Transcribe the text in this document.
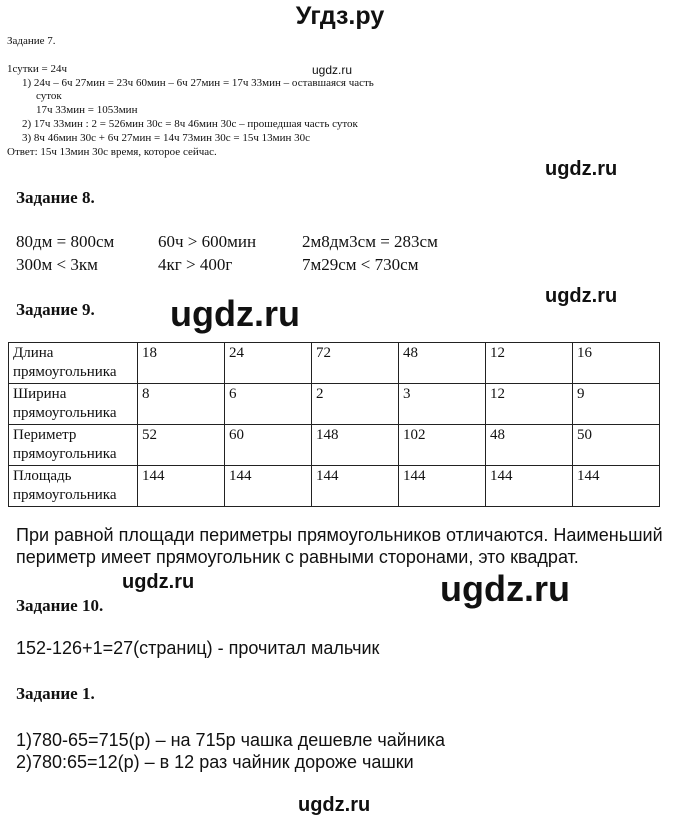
Угдз.ру
ugdz.ru
ugdz.ru
ugdz.ru
ugdz.ru
ugdz.ru	ugdz.ru
ugdz.ru
Задание 7.
1сутки = 24ч
1) 24ч – 6ч 27мин = 23ч 60мин – 6ч 27мин = 17ч 33мин – оставшаяся часть
суток
17ч 33мин = 1053мин
2) 17ч 33мин : 2 = 526мин 30с = 8ч 46мин 30с – прошедшая часть суток
3) 8ч 46мин 30с + 6ч 27мин = 14ч 73мин 30с = 15ч 13мин 30с
Ответ: 15ч 13мин 30с время, которое сейчас.
Задание 8.
80дм = 800см	60ч > 600мин	2м8дм3см = 283см
300м < 3км	4кг > 400г	7м29см < 730см
Задание 9.
Длина
прямоугольника	18	24	72	48	12	16
Ширина
прямоугольника	8	6	2	3	12	9
Периметр
прямоугольника	52	60	148	102	48	50
Площадь
прямоугольника	144	144	144	144	144	144
При равной площади периметры прямоугольников отличаются. Наименьший
периметр имеет прямоугольник с равными сторонами, это квадрат.
Задание 10.
152-126+1=27(страниц) - прочитал мальчик
Задание 1.
1)780-65=715(р) – на 715р чашка дешевле чайника
2)780:65=12(р) – в 12 раз чайник дороже чашки
